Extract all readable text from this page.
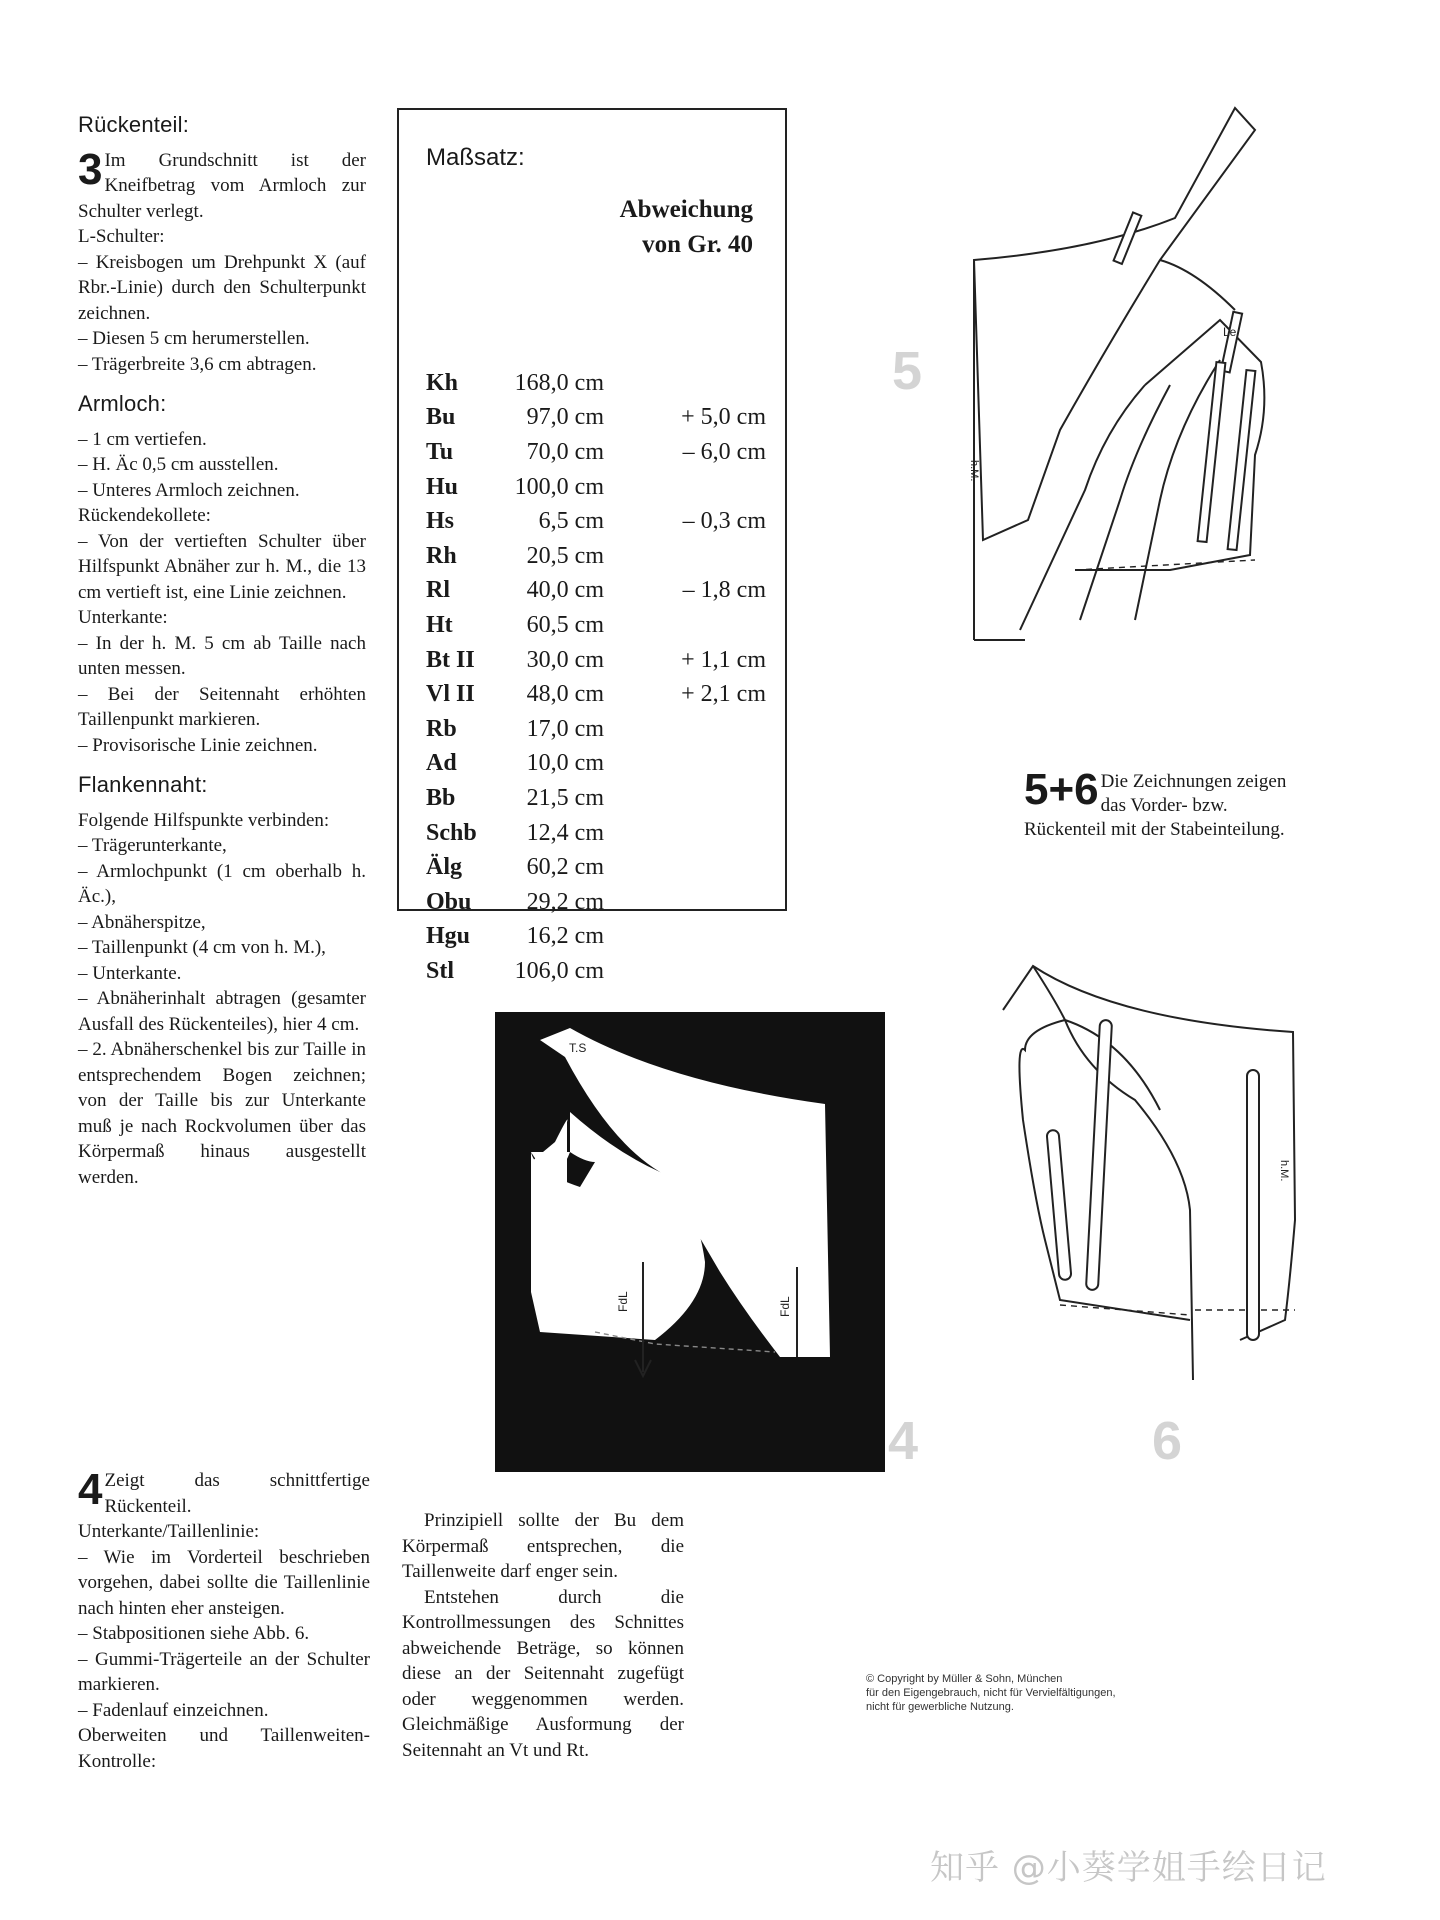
Rückenteil:

3 Im Grundschnitt ist der Kneifbetrag vom Armloch zur Schulter verlegt.

L-Schulter:

– Kreisbogen um Drehpunkt X (auf Rbr.-Linie) durch den Schulterpunkt zeichnen.

– Diesen 5 cm herumerstellen.

– Trägerbreite 3,6 cm abtragen.

Armloch:

– 1 cm vertiefen.

– H. Äc 0,5 cm ausstellen.

– Unteres Armloch zeichnen.

Rückendekollete:

– Von der vertieften Schulter über Hilfspunkt Abnäher zur h. M., die 13 cm vertieft ist, eine Linie zeichnen.

Unterkante:

– In der h. M. 5 cm ab Taille nach unten messen.

– Bei der Seitennaht erhöhten Taillenpunkt markieren.

– Provisorische Linie zeichnen.

Flankennaht:

Folgende Hilfspunkte verbinden:

– Trägerunterkante,

– Armlochpunkt (1 cm oberhalb h. Äc.),

– Abnäherspitze,

– Taillenpunkt (4 cm von h. M.),

– Unterkante.

– Abnäherinhalt abtragen (gesamter Ausfall des Rückenteiles), hier 4 cm.

– 2. Abnäherschenkel bis zur Taille in entsprechendem Bogen zeichnen; von der Taille bis zur Unterkante muß je nach Rockvolumen über das Körpermaß hinaus ausgestellt werden.

4 Zeigt das schnittfertige Rückenteil.

Unterkante/Taillenlinie:

– Wie im Vorderteil beschrieben vorgehen, dabei sollte die Taillenlinie nach hinten eher ansteigen.

– Stabpositionen siehe Abb. 6.

– Gummi-Trägerteile an der Schulter markieren.

– Fadenlauf einzeichnen.

Oberweiten und Taillenweiten-Kontrolle:

Maßsatz:
Abweichung
von Gr. 40
Kh	168,0 cm
Bu	97,0 cm	+ 5,0 cm
Tu	70,0 cm	– 6,0 cm
Hu	100,0 cm
Hs	6,5 cm	– 0,3 cm
Rh	20,5 cm
Rl	40,0 cm	– 1,8 cm
Ht	60,5 cm
Bt II	30,0 cm	+ 1,1 cm
Vl II	48,0 cm	+ 2,1 cm
Rb	17,0 cm
Ad	10,0 cm
Bb	21,5 cm
Schb	12,4 cm
Älg	60,2 cm
Obu	29,2 cm
Hgu	16,2 cm
Stl	106,0 cm

Prinzipiell sollte der Bu dem Körpermaß entsprechen, die Taillenweite darf enger sein.

Entstehen durch die Kontrollmessungen des Schnittes abweichende Beträge, so können diese an der Seitennaht zugefügt oder weggenommen werden. Gleichmäßige Ausformung der Seitennaht an Vt und Rt.

Le
h.M.
5
T.S
FdL	FdL
4
5+6 Die Zeichnungen zeigen das Vorder- bzw. Rückenteil mit der Stabeinteilung.
h.M.
6
© Copyright by Müller & Sohn, München
für den Eigengebrauch, nicht für Vervielfältigungen,
nicht für gewerbliche Nutzung.
知乎 @小葵学姐手绘日记
